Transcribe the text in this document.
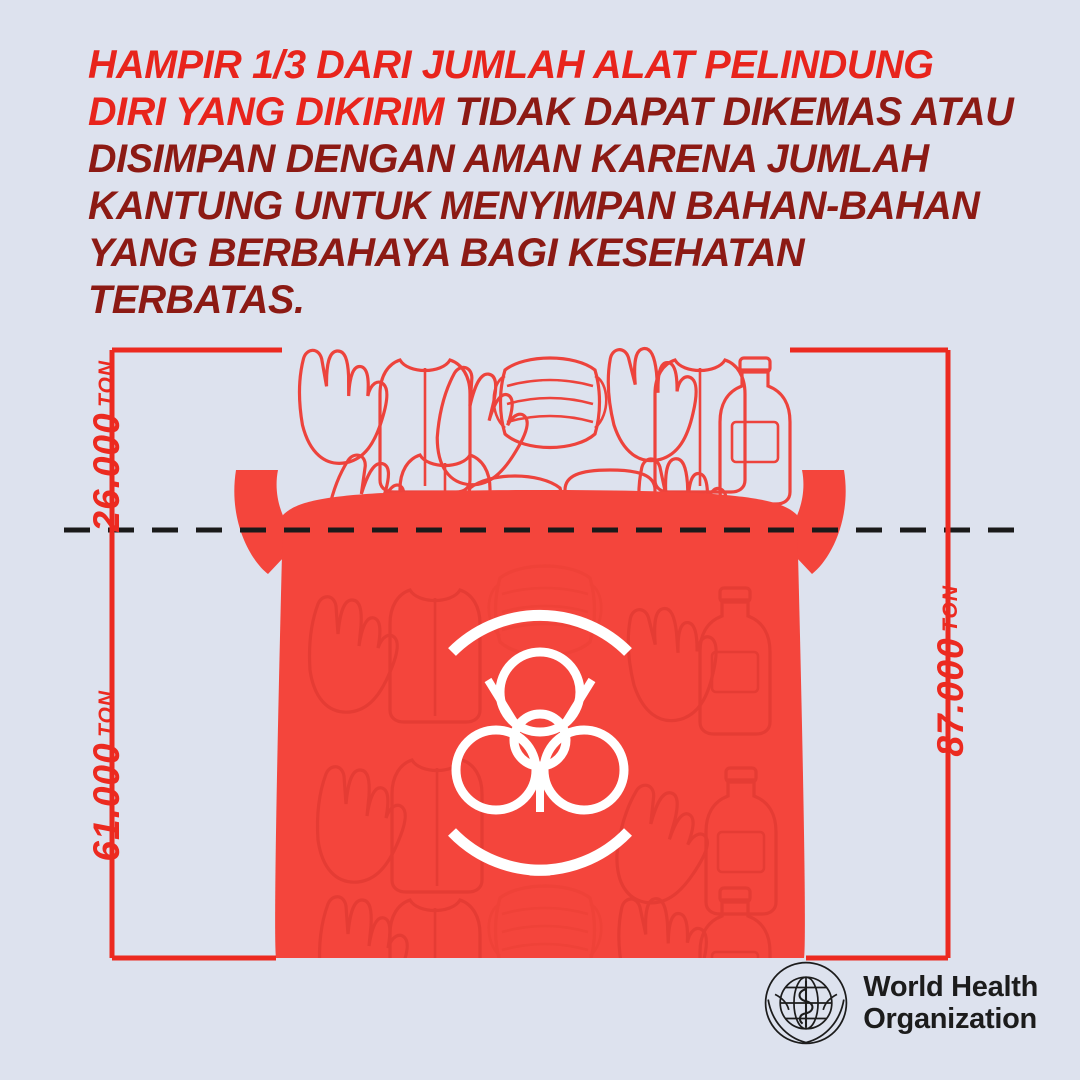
HAMPIR 1/3 DARI JUMLAH ALAT PELINDUNG DIRI YANG DIKIRIM TIDAK DAPAT DIKEMAS ATAU DISIMPAN DENGAN AMAN KARENA JUMLAH KANTUNG UNTUK MENYIMPAN BAHAN-BAHAN YANG BERBAHAYA BAGI KESEHATAN TERBATAS.
26.000 TON
61.000 TON	87.000 TON
World Health
Organization
